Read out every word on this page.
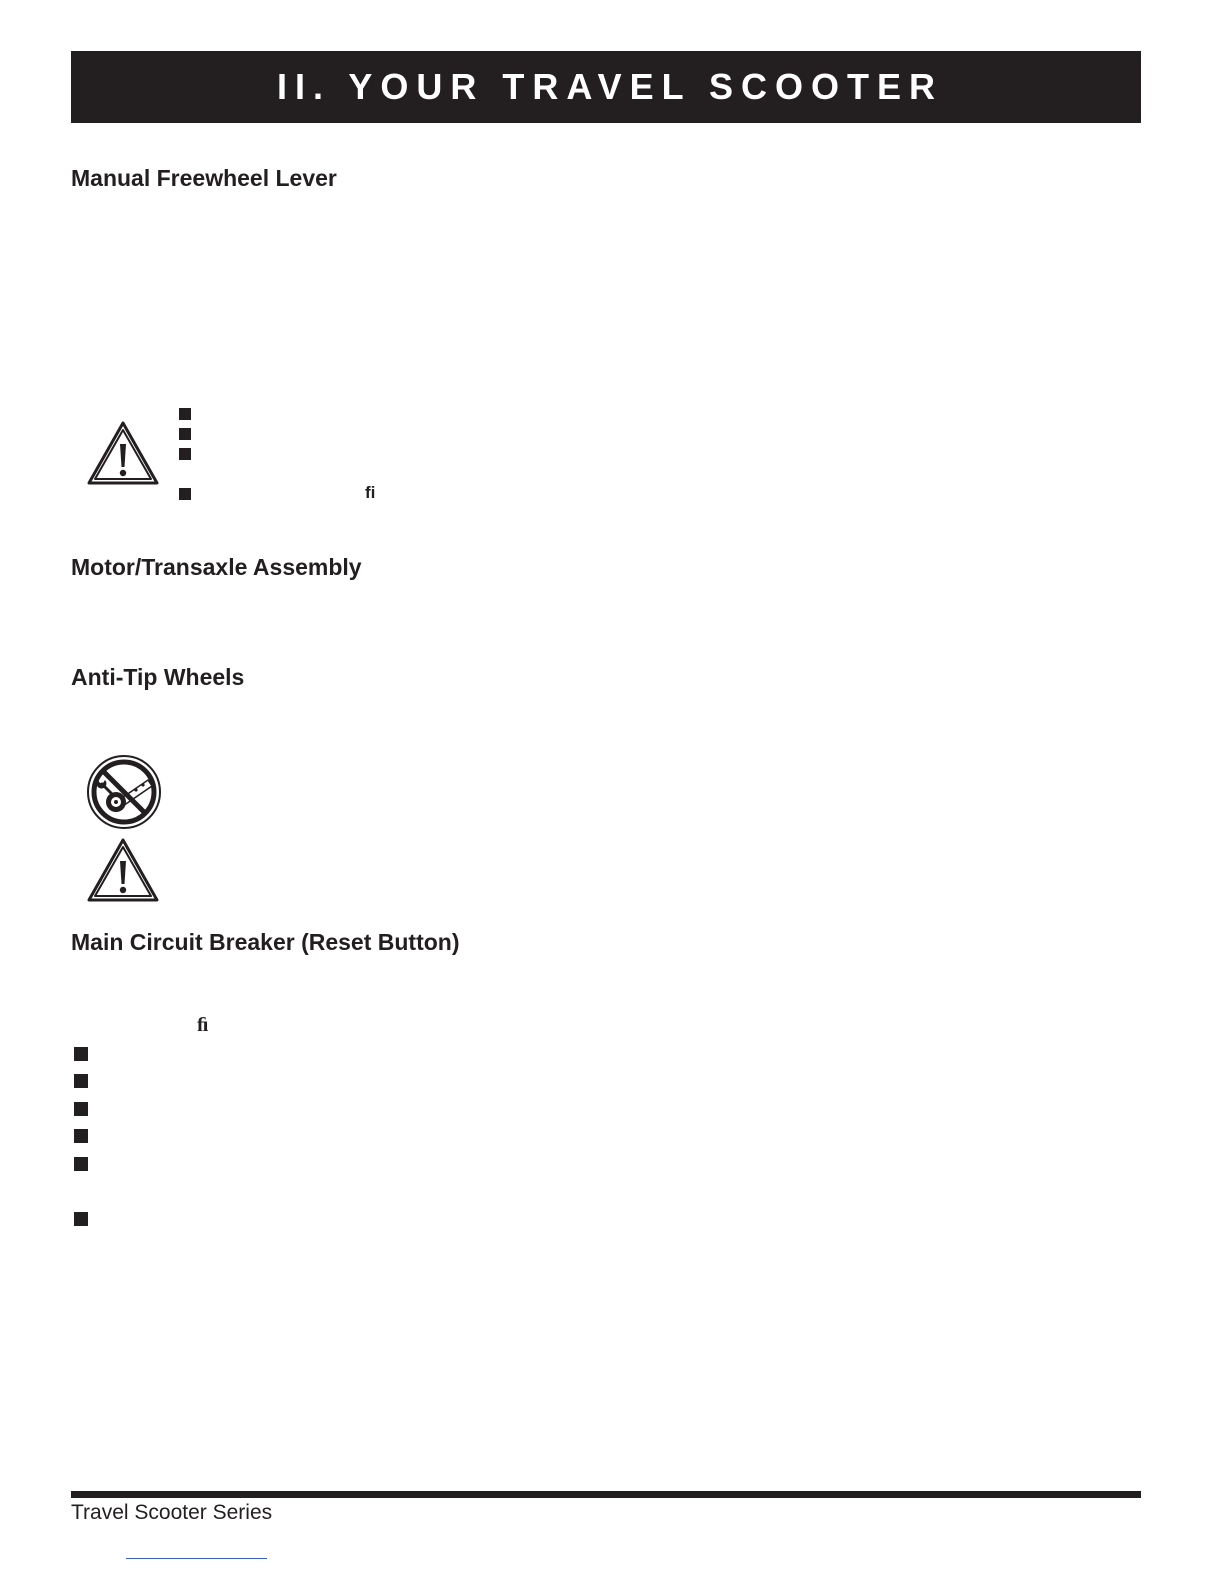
II. YOUR TRAVEL SCOOTER
Manual Freewheel Lever
ﬁ
Motor/Transaxle Assembly
Anti-Tip Wheels
Main Circuit Breaker (Reset Button)
ﬁ
Travel Scooter Series
